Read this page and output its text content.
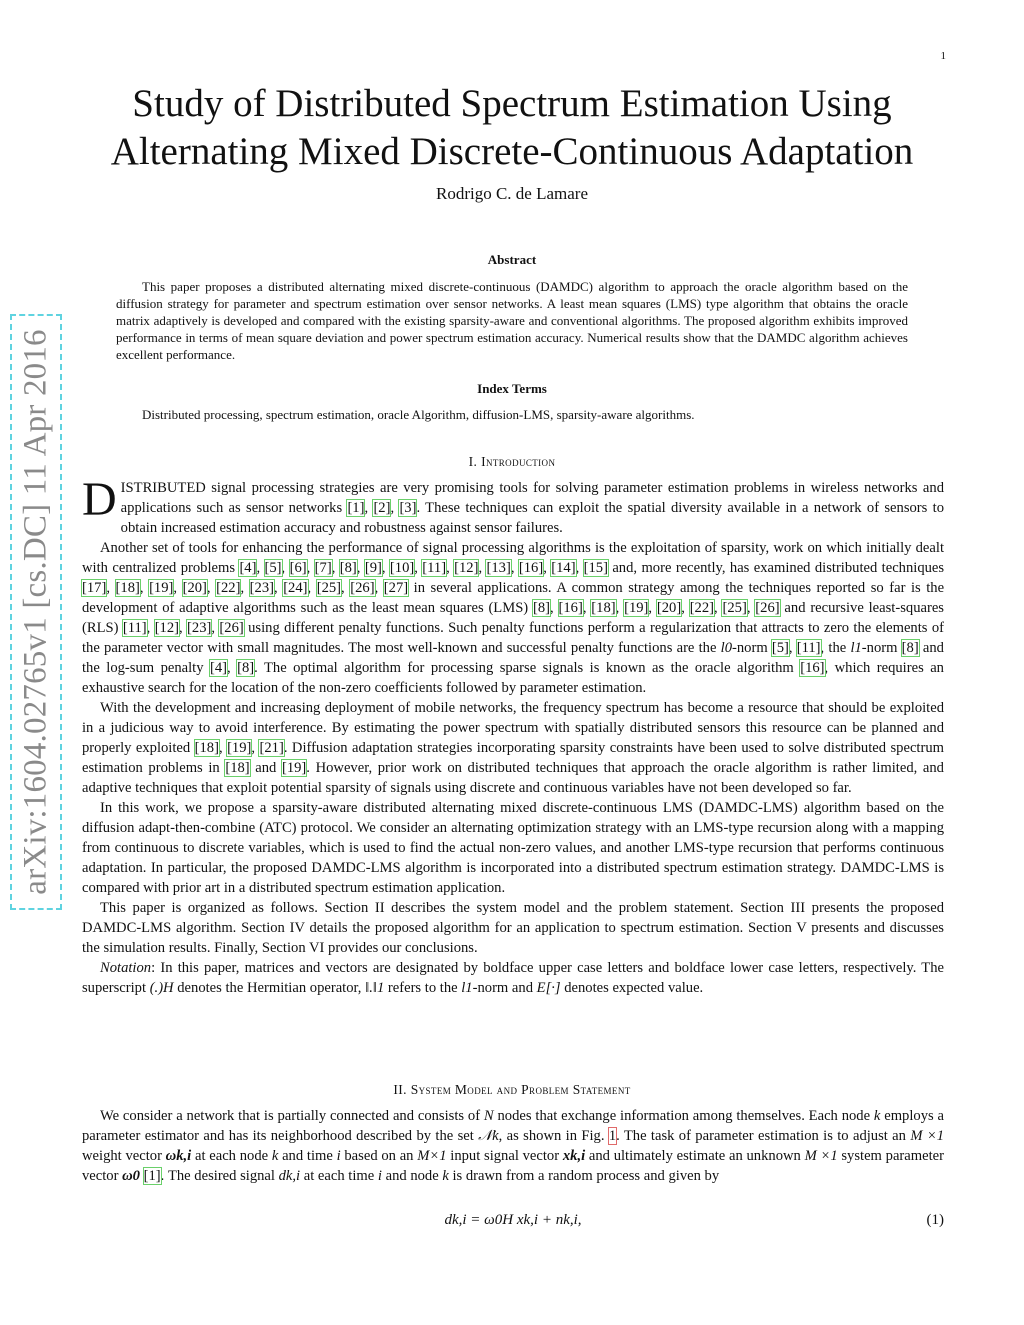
1
arXiv:1604.02765v1 [cs.DC] 11 Apr 2016
Study of Distributed Spectrum Estimation Using
Alternating Mixed Discrete-Continuous Adaptation
Rodrigo C. de Lamare
Abstract

This paper proposes a distributed alternating mixed discrete-continuous (DAMDC) algorithm to approach the oracle algorithm based on the diffusion strategy for parameter and spectrum estimation over sensor networks. A least mean squares (LMS) type algorithm that obtains the oracle matrix adaptively is developed and compared with the existing sparsity-aware and conventional algorithms. The proposed algorithm exhibits improved performance in terms of mean square deviation and power spectrum estimation accuracy. Numerical results show that the DAMDC algorithm achieves excellent performance.

Index Terms

Distributed processing, spectrum estimation, oracle Algorithm, diffusion-LMS, sparsity-aware algorithms.

I. Introduction

DISTRIBUTED signal processing strategies are very promising tools for solving parameter estimation problems in wireless networks and applications such as sensor networks [1], [2], [3]. These techniques can exploit the spatial diversity available in a network of sensors to obtain increased estimation accuracy and robustness against sensor failures.

Another set of tools for enhancing the performance of signal processing algorithms is the exploitation of sparsity, work on which initially dealt with centralized problems [4], [5], [6], [7], [8], [9], [10], [11], [12], [13], [16], [14], [15] and, more recently, has examined distributed techniques [17], [18], [19], [20], [22], [23], [24], [25], [26], [27] in several applications. A common strategy among the techniques reported so far is the development of adaptive algorithms such as the least mean squares (LMS) [8], [16], [18], [19], [20], [22], [25], [26] and recursive least-squares (RLS) [11], [12], [23], [26] using different penalty functions. Such penalty functions perform a regularization that attracts to zero the elements of the parameter vector with small magnitudes. The most well-known and successful penalty functions are the l0-norm [5], [11], the l1-norm [8] and the log-sum penalty [4], [8]. The optimal algorithm for processing sparse signals is known as the oracle algorithm [16], which requires an exhaustive search for the location of the non-zero coefficients followed by parameter estimation.

With the development and increasing deployment of mobile networks, the frequency spectrum has become a resource that should be exploited in a judicious way to avoid interference. By estimating the power spectrum with spatially distributed sensors this resource can be planned and properly exploited [18], [19], [21]. Diffusion adaptation strategies incorporating sparsity constraints have been used to solve distributed spectrum estimation problems in [18] and [19]. However, prior work on distributed techniques that approach the oracle algorithm is rather limited, and adaptive techniques that exploit potential sparsity of signals using discrete and continuous variables have not been developed so far.

In this work, we propose a sparsity-aware distributed alternating mixed discrete-continuous LMS (DAMDC-LMS) algorithm based on the diffusion adapt-then-combine (ATC) protocol. We consider an alternating optimization strategy with an LMS-type recursion along with a mapping from continuous to discrete variables, which is used to find the actual non-zero values, and another LMS-type recursion that performs continuous adaptation. In particular, the proposed DAMDC-LMS algorithm is incorporated into a distributed spectrum estimation strategy. DAMDC-LMS is compared with prior art in a distributed spectrum estimation application.

This paper is organized as follows. Section II describes the system model and the problem statement. Section III presents the proposed DAMDC-LMS algorithm. Section IV details the proposed algorithm for an application to spectrum estimation. Section V presents and discusses the simulation results. Finally, Section VI provides our conclusions.

Notation: In this paper, matrices and vectors are designated by boldface upper case letters and boldface lower case letters, respectively. The superscript (.)H denotes the Hermitian operator, ‖.‖1 refers to the l1-norm and E[·] denotes expected value.

II. System Model and Problem Statement

We consider a network that is partially connected and consists of N nodes that exchange information among themselves. Each node k employs a parameter estimator and has its neighborhood described by the set 𝒩k, as shown in Fig. 1. The task of parameter estimation is to adjust an M ×1 weight vector ωk,i at each node k and time i based on an M×1 input signal vector xk,i and ultimately estimate an unknown M ×1 system parameter vector ω0 [1]. The desired signal dk,i at each time i and node k is drawn from a random process and given by

dk,i = ω0H xk,i + nk,i,	(1)
